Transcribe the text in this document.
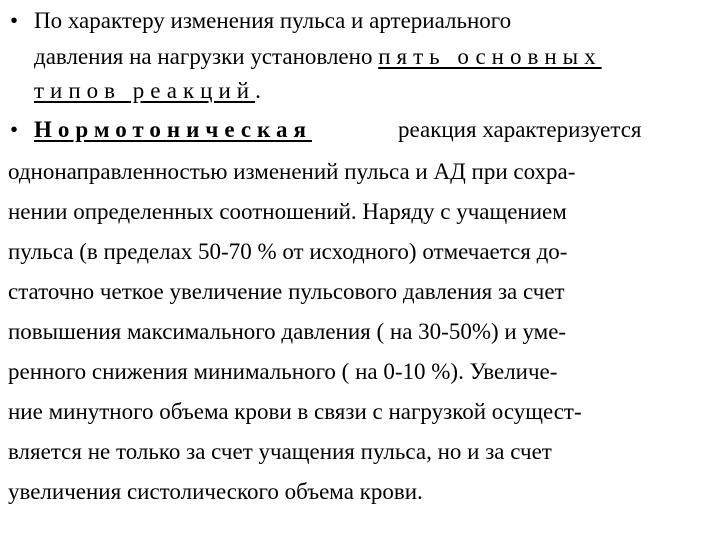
• По характеру изменения пульса и артериального
давления на нагрузки установлено пять основных
типов реакций.
• Нормотоническая	реакция характеризуется
однонаправленностью изменений пульса и АД при сохра-
нении определенных соотношений. Наряду с учащением
пульса (в пределах 50-70 % от исходного) отмечается до-
статочно четкое увеличение пульсового давления за счет
повышения максимального давления ( на 30-50%) и уме-
ренного снижения минимального ( на 0-10 %). Увеличе-
ние минутного объема крови в связи с нагрузкой осущест-
вляется не только за счет учащения пульса, но и за счет
увеличения систолического объема крови.
